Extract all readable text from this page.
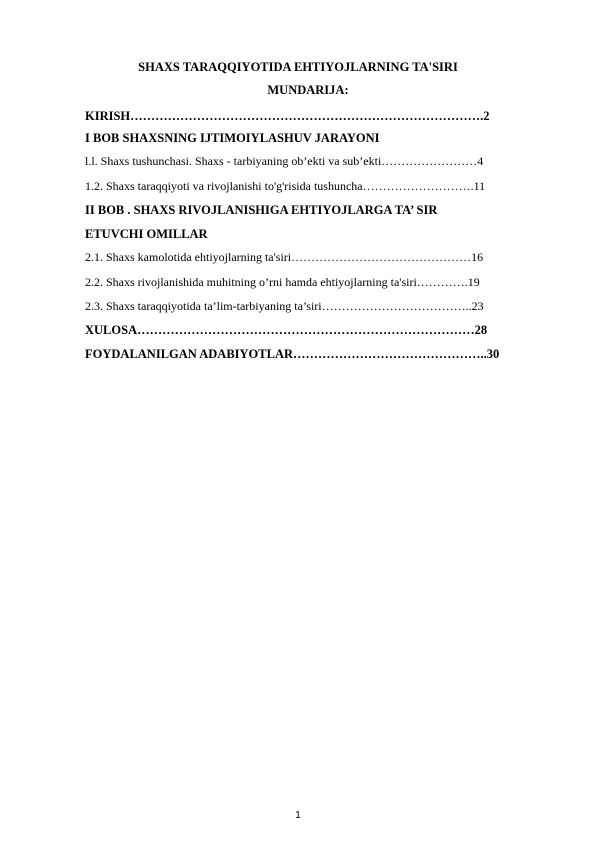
SHAXS TARAQQIYOTIDA EHTIYOJLARNING TA'SIRI
MUNDARIJA:
KIRISH………………………………………………………………………….2
I BOB SHAXSNING IJTIMOIYLASHUV JARAYONI
l.l. Shaxs tushunchasi. Shaxs - tarbiyaning ob’ekti va sub’ekti……………………4
1.2. Shaxs taraqqiyoti va rivojlanishi to'g'risida tushuncha……………………….11
II BOB . SHAXS RIVOJLANISHIGA EHTIYOJLARGA TA’ SIR
ETUVCHI OMILLAR
2.1. Shaxs kamolotida ehtiyojlarning ta'siri………………………………………16
2.2. Shaxs rivojlanishida muhitning o’rni hamda ehtiyojlarning ta'siri………….19
2.3. Shaxs taraqqiyotida ta’lim-tarbiyaning ta’siri………………………………..23
XULOSA………………………………………………………………………28
FOYDALANILGAN ADABIYOTLAR………………………………………..30
1
